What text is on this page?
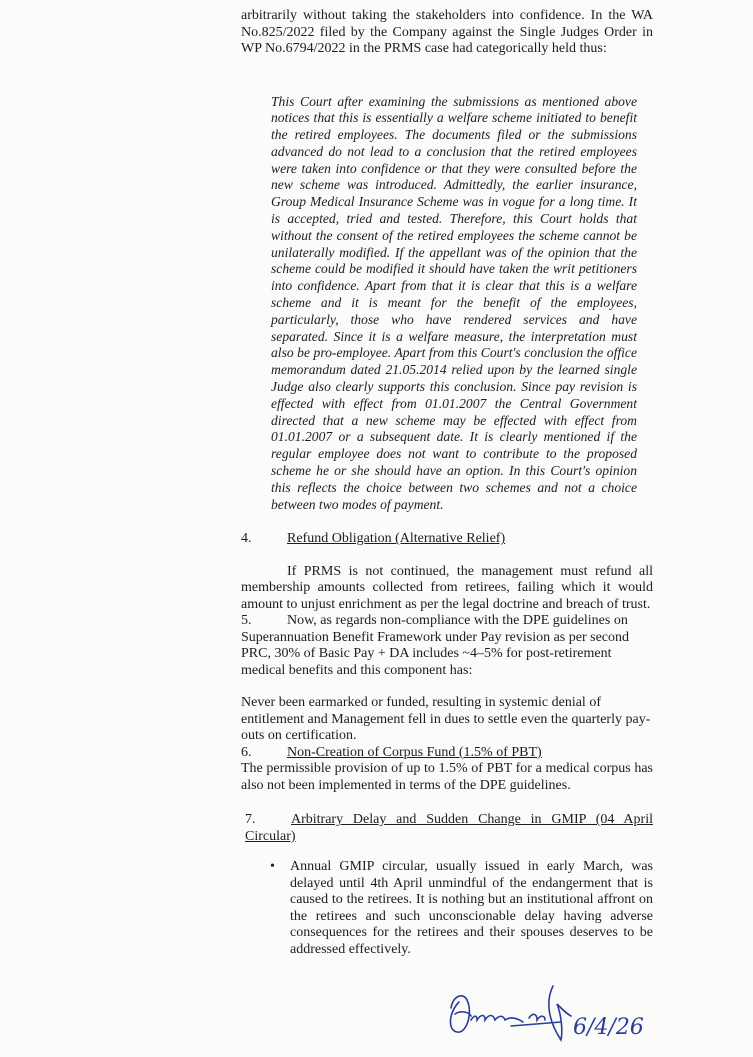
arbitrarily without taking the stakeholders into confidence. In the WA No.825/2022 filed by the Company against the Single Judges Order in WP No.6794/2022 in the PRMS case had categorically held thus:
This Court after examining the submissions as mentioned above notices that this is essentially a welfare scheme initiated to benefit the retired employees. The documents filed or the submissions advanced do not lead to a conclusion that the retired employees were taken into confidence or that they were consulted before the new scheme was introduced. Admittedly, the earlier insurance, Group Medical Insurance Scheme was in vogue for a long time. It is accepted, tried and tested. Therefore, this Court holds that without the consent of the retired employees the scheme cannot be unilaterally modified. If the appellant was of the opinion that the scheme could be modified it should have taken the writ petitioners into confidence. Apart from that it is clear that this is a welfare scheme and it is meant for the benefit of the employees, particularly, those who have rendered services and have separated. Since it is a welfare measure, the interpretation must also be pro-employee. Apart from this Court's conclusion the office memorandum dated 21.05.2014 relied upon by the learned single Judge also clearly supports this conclusion. Since pay revision is effected with effect from 01.01.2007 the Central Government directed that a new scheme may be effected with effect from 01.01.2007 or a subsequent date. It is clearly mentioned if the regular employee does not want to contribute to the proposed scheme he or she should have an option. In this Court's opinion this reflects the choice between two schemes and not a choice between two modes of payment.
4.	Refund Obligation (Alternative Relief)
If PRMS is not continued, the management must refund all membership amounts collected from retirees, failing which it would amount to unjust enrichment as per the legal doctrine and breach of trust.
5.	Now, as regards non-compliance with the DPE guidelines on Superannuation Benefit Framework under Pay revision as per second PRC, 30% of Basic Pay + DA includes ~4–5% for post-retirement medical benefits and this component has:
Never been earmarked or funded, resulting in systemic denial of entitlement and Management fell in dues to settle even the quarterly pay-outs on certification.
6.	Non-Creation of Corpus Fund (1.5% of PBT)
The permissible provision of up to 1.5% of PBT for a medical corpus has also not been implemented in terms of the DPE guidelines.
7.	Arbitrary Delay and Sudden Change in GMIP (04 April Circular)
• Annual GMIP circular, usually issued in early March, was delayed until 4th April unmindful of the endangerment that is caused to the retirees. It is nothing but an institutional affront on the retirees and such unconscionable delay having adverse consequences for the retirees and their spouses deserves to be addressed effectively.
6/4/26
